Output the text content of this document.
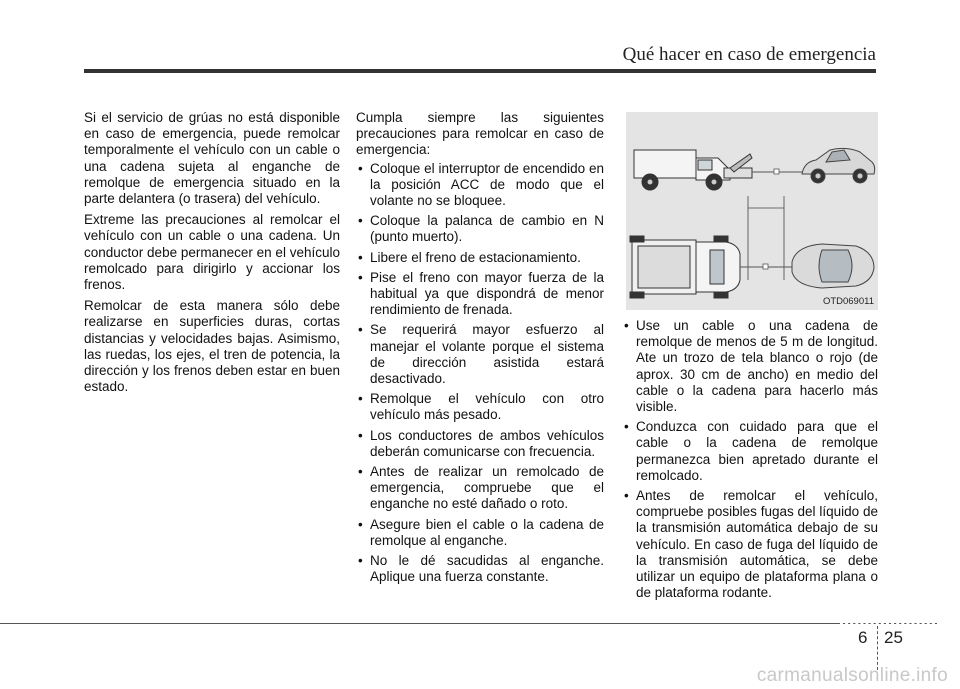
Qué hacer en caso de emergencia

Si el servicio de grúas no está disponible en caso de emergencia, puede remolcar temporalmente el vehículo con un cable o una cadena sujeta al enganche de remolque de emergencia situado en la parte delantera (o trasera) del vehículo.

Extreme las precauciones al remolcar el vehículo con un cable o una cadena. Un conductor debe permanecer en el vehículo remolcado para dirigirlo y accionar los frenos.

Remolcar de esta manera sólo debe realizarse en superficies duras, cortas distancias y velocidades bajas. Asimismo, las ruedas, los ejes, el tren de potencia, la dirección y los frenos deben estar en buen estado.

Cumpla siempre las siguientes precauciones para remolcar en caso de emergencia:

• Coloque el interruptor de encendido en la posición ACC de modo que el volante no se bloquee.
• Coloque la palanca de cambio en N (punto muerto).
• Libere el freno de estacionamiento.
• Pise el freno con mayor fuerza de la habitual ya que dispondrá de menor rendimiento de frenada.
• Se requerirá mayor esfuerzo al manejar el volante porque el sistema de dirección asistida estará desactivado.
• Remolque el vehículo con otro vehículo más pesado.
• Los conductores de ambos vehículos deberán comunicarse con frecuencia.
• Antes de realizar un remolcado de emergencia, compruebe que el enganche no esté dañado o roto.
• Asegure bien el cable o la cadena de remolque al enganche.
• No le dé sacudidas al enganche. Aplique una fuerza constante.
OTD069011
• Use un cable o una cadena de remolque de menos de 5 m de longitud. Ate un trozo de tela blanco o rojo (de aprox. 30 cm de ancho) en medio del cable o la cadena para hacerlo más visible.
• Conduzca con cuidado para que el cable o la cadena de remolque permanezca bien apretado durante el remolcado.
• Antes de remolcar el vehículo, compruebe posibles fugas del líquido de la transmisión automática debajo de su vehículo. En caso de fuga del líquido de la transmisión automática, se debe utilizar un equipo de plataforma plana o de plataforma rodante.
6 25
carmanualsonline.info
